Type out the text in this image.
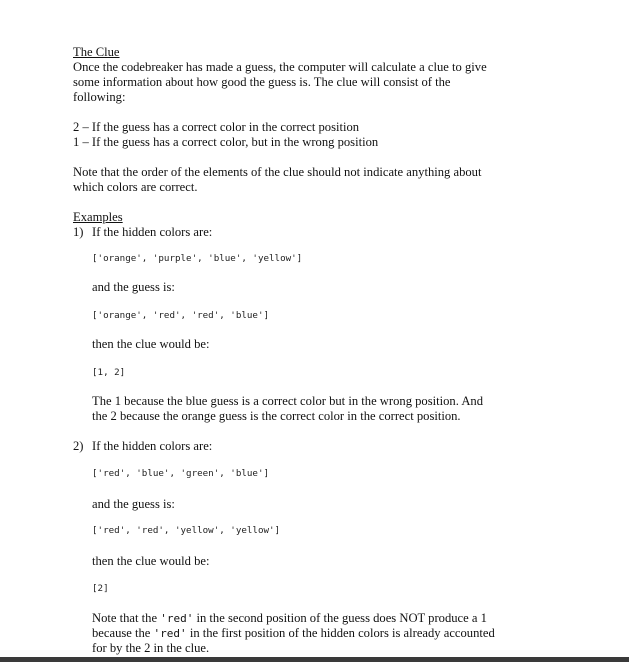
The Clue
Once the codebreaker has made a guess, the computer will calculate a clue to give
some information about how good the guess is. The clue will consist of the
following:
2 – If the guess has a correct color in the correct position
1 – If the guess has a correct color, but in the wrong position
Note that the order of the elements of the clue should not indicate anything about
which colors are correct.
Examples
1) If the hidden colors are:
['orange', 'purple', 'blue', 'yellow']
and the guess is:
['orange', 'red', 'red', 'blue']
then the clue would be:
[1, 2]
The 1 because the blue guess is a correct color but in the wrong position. And
the 2 because the orange guess is the correct color in the correct position.
2) If the hidden colors are:
['red', 'blue', 'green', 'blue']
and the guess is:
['red', 'red', 'yellow', 'yellow']
then the clue would be:
[2]
Note that the 'red' in the second position of the guess does NOT produce a 1
because the 'red' in the first position of the hidden colors is already accounted
for by the 2 in the clue.
